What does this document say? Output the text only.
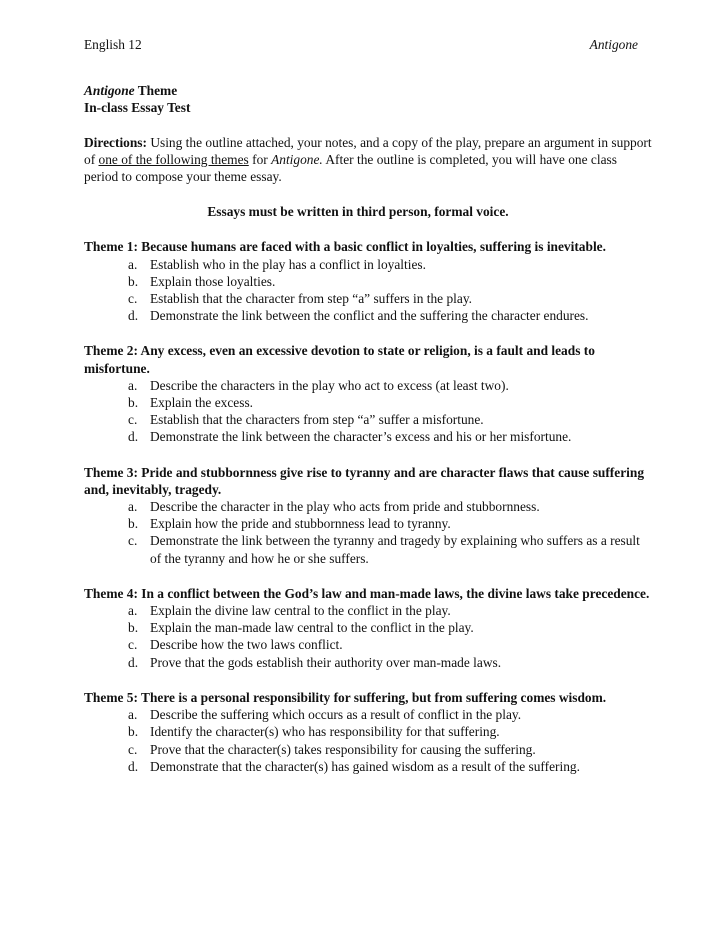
English 12	Antigone
Antigone Theme
In-class Essay Test
Directions: Using the outline attached, your notes, and a copy of the play, prepare an argument in support of one of the following themes for Antigone. After the outline is completed, you will have one class period to compose your theme essay.
Essays must be written in third person, formal voice.
Theme 1: Because humans are faced with a basic conflict in loyalties, suffering is inevitable.
a. Establish who in the play has a conflict in loyalties.
b. Explain those loyalties.
c. Establish that the character from step “a” suffers in the play.
d. Demonstrate the link between the conflict and the suffering the character endures.
Theme 2: Any excess, even an excessive devotion to state or religion, is a fault and leads to misfortune.
a. Describe the characters in the play who act to excess (at least two).
b. Explain the excess.
c. Establish that the characters from step “a” suffer a misfortune.
d. Demonstrate the link between the character’s excess and his or her misfortune.
Theme 3: Pride and stubbornness give rise to tyranny and are character flaws that cause suffering and, inevitably, tragedy.
a. Describe the character in the play who acts from pride and stubbornness.
b. Explain how the pride and stubbornness lead to tyranny.
c. Demonstrate the link between the tyranny and tragedy by explaining who suffers as a result of the tyranny and how he or she suffers.
Theme 4: In a conflict between the God’s law and man-made laws, the divine laws take precedence.
a. Explain the divine law central to the conflict in the play.
b. Explain the man-made law central to the conflict in the play.
c. Describe how the two laws conflict.
d. Prove that the gods establish their authority over man-made laws.
Theme 5: There is a personal responsibility for suffering, but from suffering comes wisdom.
a. Describe the suffering which occurs as a result of conflict in the play.
b. Identify the character(s) who has responsibility for that suffering.
c. Prove that the character(s) takes responsibility for causing the suffering.
d. Demonstrate that the character(s) has gained wisdom as a result of the suffering.
